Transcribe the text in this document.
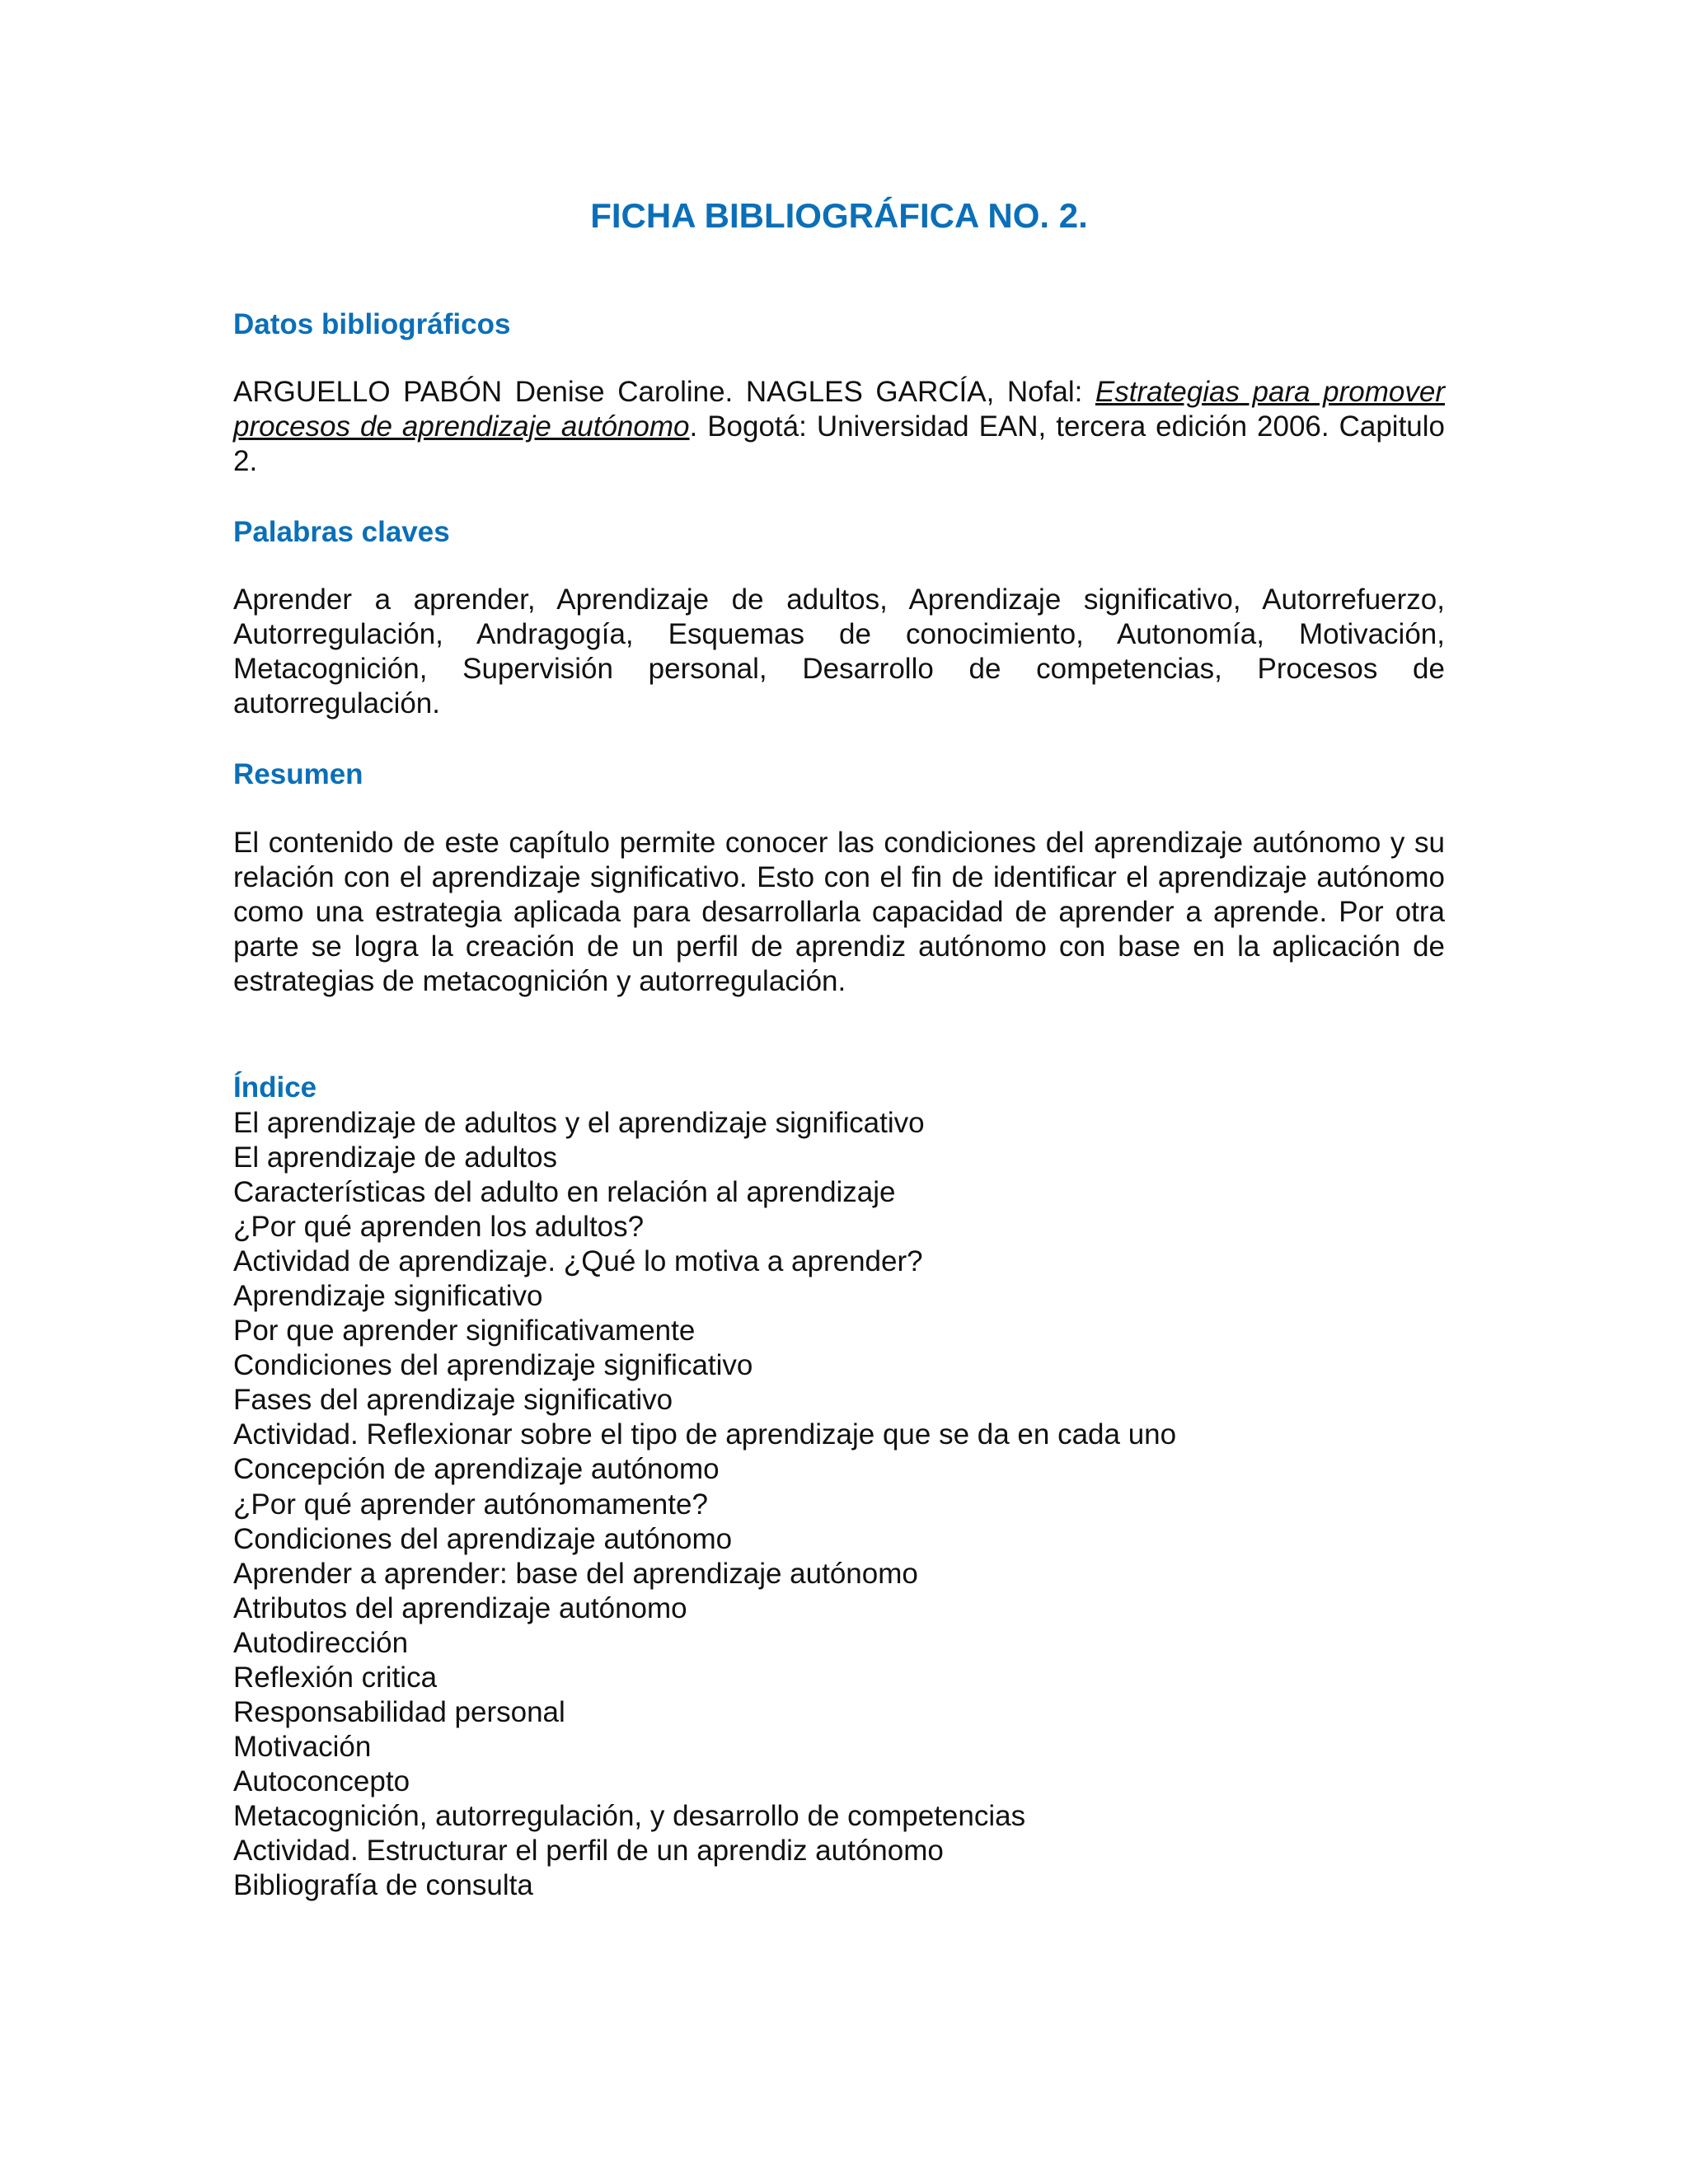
FICHA BIBLIOGRÁFICA NO. 2.
Datos bibliográficos

ARGUELLO PABÓN Denise Caroline. NAGLES GARCÍA, Nofal: Estrategias para promover procesos de aprendizaje autónomo. Bogotá: Universidad EAN, tercera edición 2006. Capitulo 2.

Palabras claves

Aprender a aprender, Aprendizaje de adultos, Aprendizaje significativo, Autorrefuerzo, Autorregulación, Andragogía, Esquemas de conocimiento, Autonomía, Motivación, Metacognición, Supervisión personal, Desarrollo de competencias, Procesos de autorregulación.

Resumen

El contenido de este capítulo permite conocer las condiciones del aprendizaje autónomo y su relación con el aprendizaje significativo. Esto con el fin de identificar el aprendizaje autónomo como una estrategia aplicada para desarrollarla capacidad de aprender a aprende. Por otra parte se logra la creación de un perfil de aprendiz autónomo con base en la aplicación de estrategias de metacognición y autorregulación.

Índice
El aprendizaje de adultos y el aprendizaje significativo
El aprendizaje de adultos
Características del adulto en relación al aprendizaje
¿Por qué aprenden los adultos?
Actividad de aprendizaje. ¿Qué lo motiva a aprender?
Aprendizaje significativo
Por que aprender significativamente
Condiciones del aprendizaje significativo
Fases del aprendizaje significativo
Actividad. Reflexionar sobre el tipo de aprendizaje que se da en cada uno
Concepción de aprendizaje autónomo
¿Por qué aprender autónomamente?
Condiciones del aprendizaje autónomo
Aprender a aprender: base del aprendizaje autónomo
Atributos del aprendizaje autónomo
Autodirección
Reflexión critica
Responsabilidad personal
Motivación
Autoconcepto
Metacognición, autorregulación, y desarrollo de competencias
Actividad. Estructurar el perfil de un aprendiz autónomo
Bibliografía de consulta
